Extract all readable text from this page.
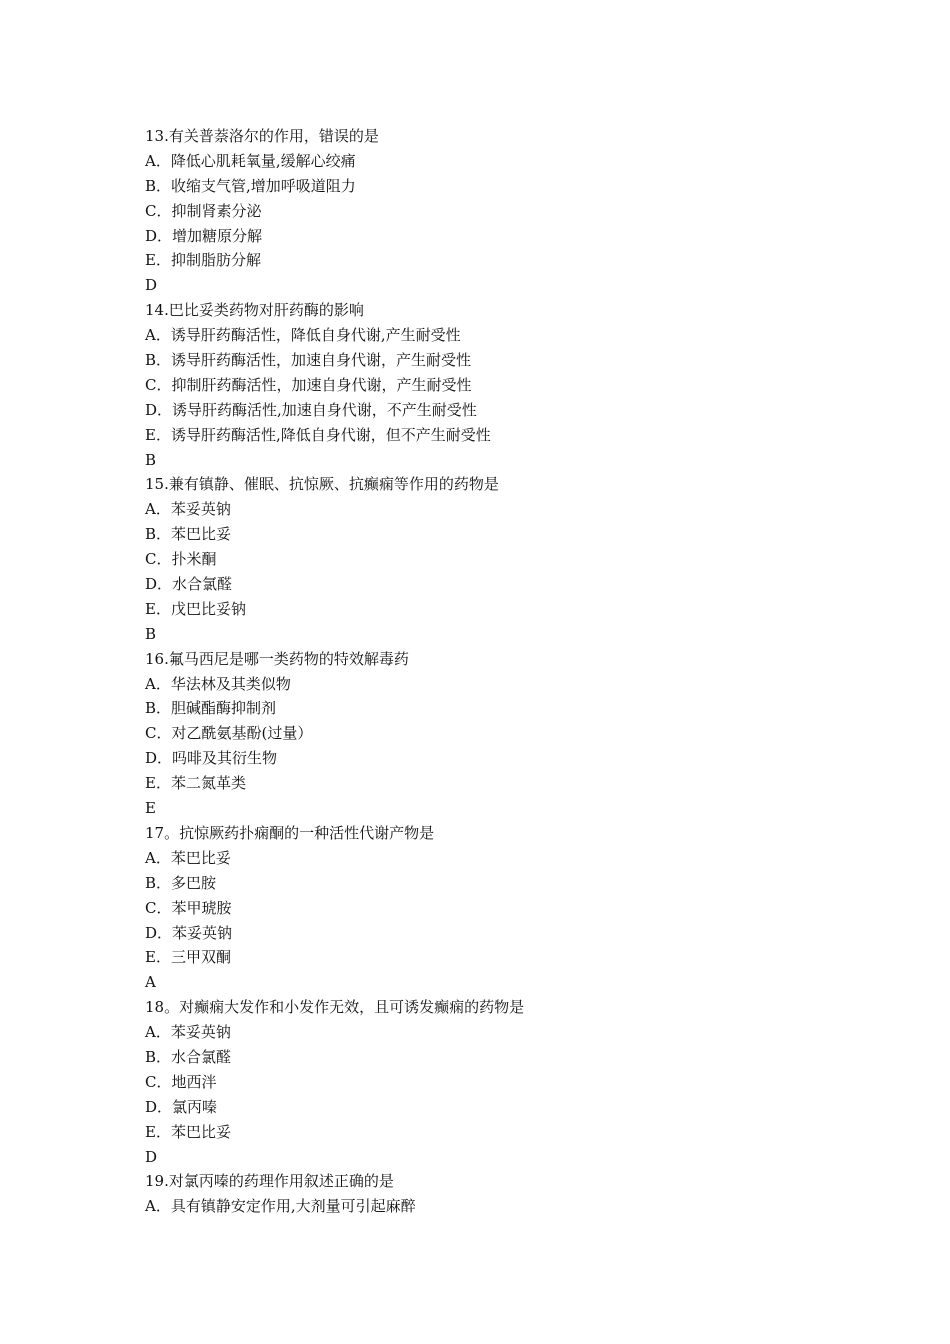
13.有关普萘洛尔的作用，错误的是
A．降低心肌耗氧量,缓解心绞痛
B．收缩支气管,增加呼吸道阻力
C．抑制肾素分泌
D．增加糖原分解
E．抑制脂肪分解
D
14.巴比妥类药物对肝药酶的影响
A．诱导肝药酶活性，降低自身代谢,产生耐受性
B．诱导肝药酶活性，加速自身代谢，产生耐受性
C．抑制肝药酶活性，加速自身代谢，产生耐受性
D．诱导肝药酶活性,加速自身代谢，不产生耐受性
E．诱导肝药酶活性,降低自身代谢，但不产生耐受性
B
15.兼有镇静、催眠、抗惊厥、抗癫痫等作用的药物是
A．苯妥英钠
B．苯巴比妥
C．扑米酮
D．水合氯醛
E．戊巴比妥钠
B
16.氟马西尼是哪一类药物的特效解毒药
A．华法林及其类似物
B．胆碱酯酶抑制剂
C．对乙酰氨基酚(过量）
D．吗啡及其衍生物
E．苯二氮革类
E
17。抗惊厥药扑痫酮的一种活性代谢产物是
A．苯巴比妥
B．多巴胺
C．苯甲琥胺
D．苯妥英钠
E．三甲双酮
A
18。对癫痫大发作和小发作无效，且可诱发癫痫的药物是
A．苯妥英钠
B．水合氯醛
C．地西泮
D．氯丙嗪
E．苯巴比妥
D
19.对氯丙嗪的药理作用叙述正确的是
A．具有镇静安定作用,大剂量可引起麻醉
